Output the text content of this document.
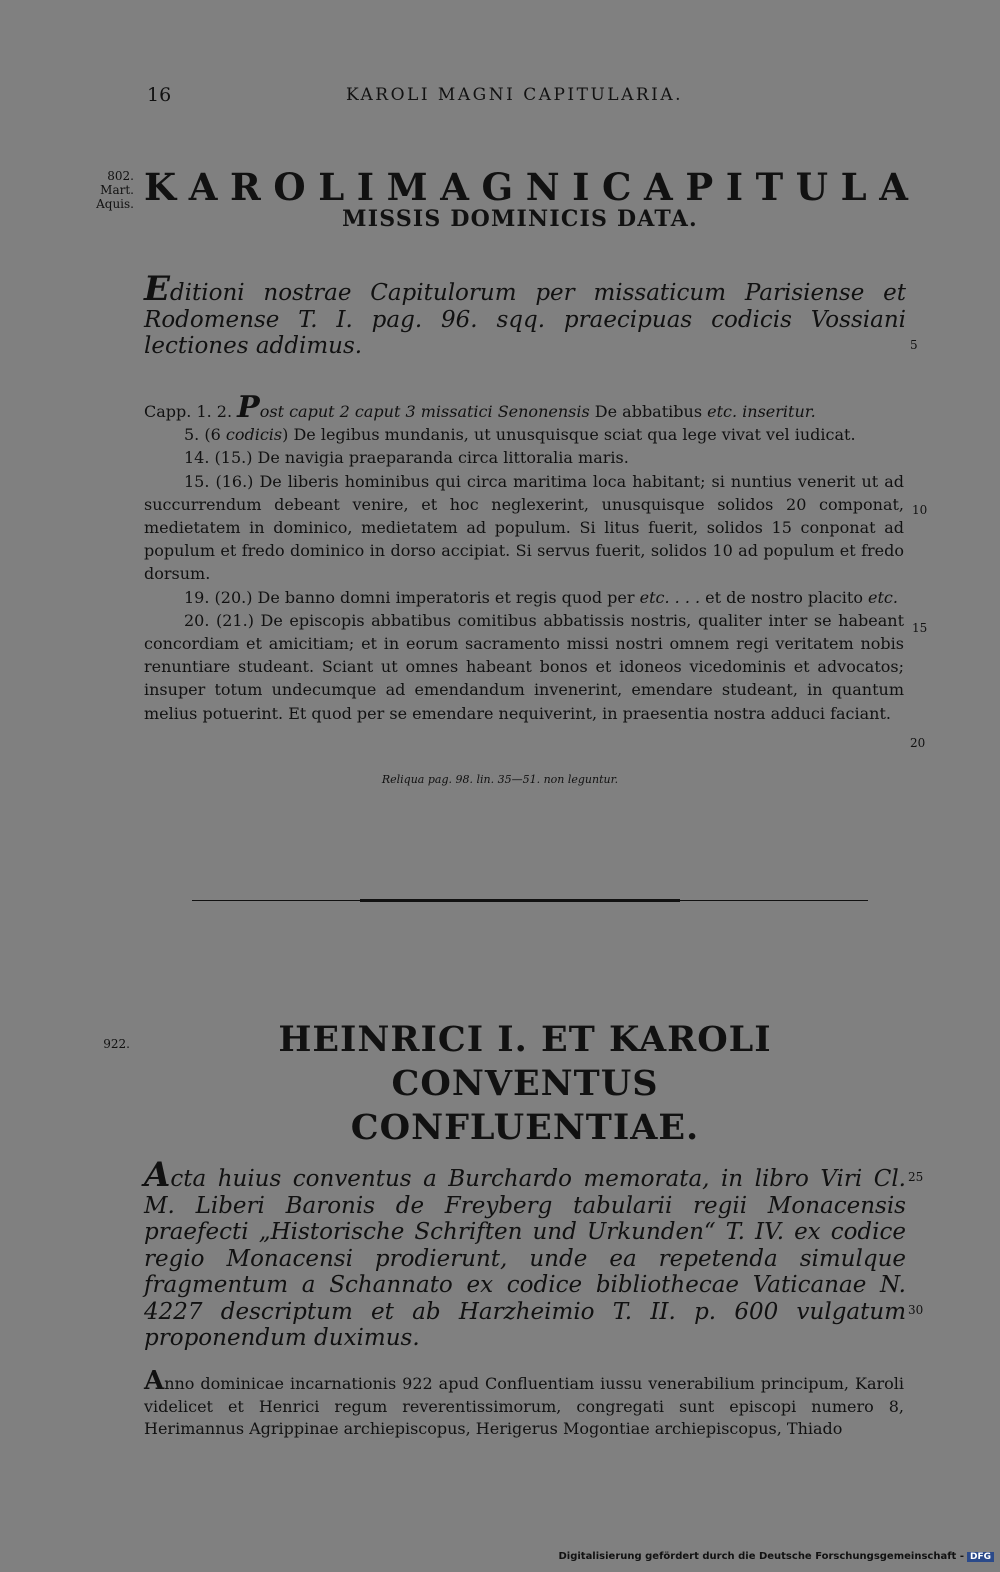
16	KAROLI MAGNI CAPITULARIA.
802.
Mart.
Aquis. K A R O L I M A G N I C A P I T U L A
MISSIS DOMINICIS DATA.
Editioni nostrae Capitulorum per missaticum Parisiense et Rodomense T. I. pag. 96. sqq. praecipuas codicis Vossiani lectiones addimus.	5

Capp. 1. 2. Post caput 2 caput 3 missatici Senonensis De abbatibus etc. inseritur.

5. (6 codicis) De legibus mundanis, ut unusquisque sciat qua lege vivat vel iudicat.

14. (15.) De navigia praeparanda circa littoralia maris.

15. (16.) De liberis hominibus qui circa maritima loca habitant; si nuntius venerit ut ad succurrendum debeant venire, et hoc neglexerint, unusquisque solidos 20 componat, medietatem in dominico, medietatem ad populum. Si litus fuerit, solidos 15 conponat ad populum et fredo dominico in dorso accipiat. Si servus fuerit, solidos 10 ad populum et fredo dorsum.

19. (20.) De banno domni imperatoris et regis quod per etc. . . . et de nostro placito etc.

20. (21.) De episcopis abbatibus comitibus abbatissis nostris, qualiter inter se habeant concordiam et amicitiam; et in eorum sacramento missi nostri omnem regi veritatem nobis renuntiare studeant. Sciant ut omnes habeant bonos et idoneos vicedominis et advocatos; insuper totum undecumque ad emendandum invenerint, emendare studeant, in quantum melius potuerint. Et quod per se emendare nequiverint, in praesentia nostra adduci faciant.

10
15
20
Reliqua pag. 98. lin. 35—51. non leguntur.
922.	HEINRICI I. ET KAROLI CONVENTUS
CONFLUENTIAE.
Acta huius conventus a Burchardo memorata, in libro Viri Cl. M. Liberi Baronis de Freyberg tabularii regii Monacensis praefecti „Historische Schriften und Urkunden“ T. IV. ex codice regio Monacensi prodierunt, unde ea repetenda simulque fragmentum a Schannato ex codice bibliothecae Vaticanae N. 4227 descriptum et ab Harzheimio T. II. p. 600 vulgatum proponendum duximus.
25
30

Anno dominicae incarnationis 922 apud Confluentiam iussu venerabilium principum, Karoli videlicet et Henrici regum reverentissimorum, congregati sunt episcopi numero 8, Herimannus Agrippinae archiepiscopus, Herigerus Mogontiae archiepiscopus, Thiado

Digitalisierung gefördert durch die Deutsche Forschungsgemeinschaft - DFG
